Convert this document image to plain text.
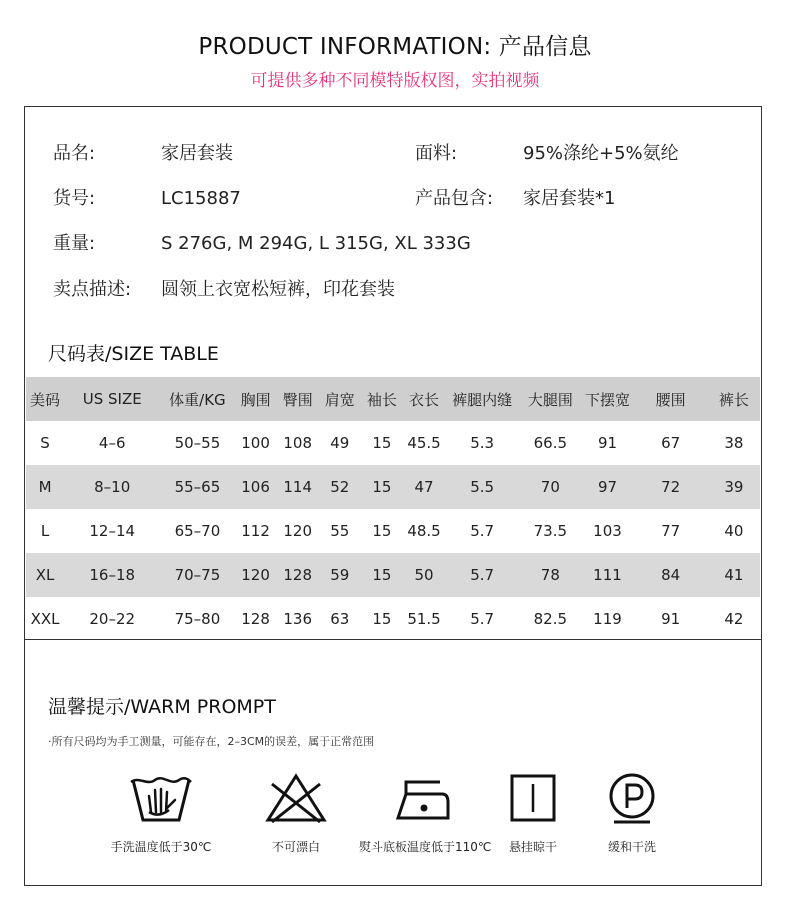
PRODUCT INFORMATION: 产品信息
可提供多种不同模特版权图，实拍视频
品名:	家居套装	面料:	95%涤纶+5%氨纶
货号:	LC15887	产品包含: 家居套装*1
重量:	S 276G, M 294G, L 315G, XL 333G
卖点描述: 圆领上衣宽松短裤，印花套装
尺码表/SIZE TABLE
美码	US SIZE	体重/KG	胸围	臀围	肩宽	袖长	衣长	裤腿内缝	大腿围	下摆宽	腰围	裤长
S	4–6	50–55	100	108	49	15	45.5	5.3	66.5	91	67	38
M	8–10	55–65	106	114	52	15	47	5.5	70	97	72	39
L	12–14	65–70	112	120	55	15	48.5	5.7	73.5	103	77	40
XL	16–18	70–75	120	128	59	15	50	5.7	78	111	84	41
XXL	20–22	75–80	128	136	63	15	51.5	5.7	82.5	119	91	42
温馨提示/WARM PROMPT
·所有尺码均为手工测量，可能存在，2–3CM的误差，属于正常范围
手洗温度低于30℃	不可漂白	熨斗底板温度低于110℃	悬挂晾干	缓和干洗
